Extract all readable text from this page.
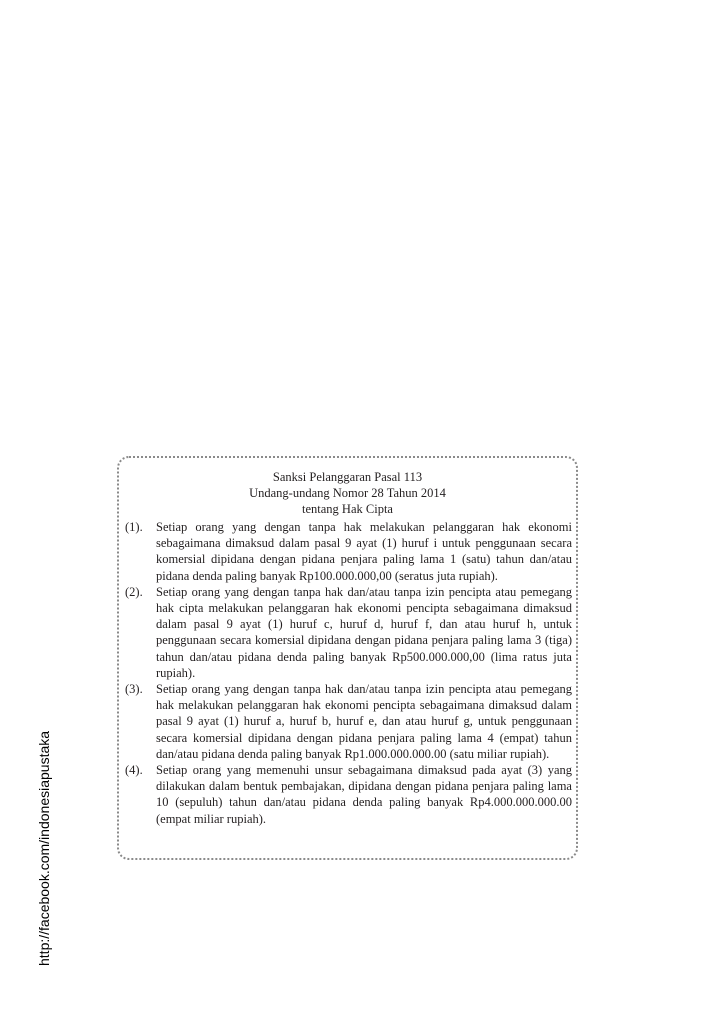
http://facebook.com/indonesiapustaka
Sanksi Pelanggaran Pasal 113
Undang-undang Nomor 28 Tahun 2014
tentang Hak Cipta
(1). Setiap orang yang dengan tanpa hak melakukan pelanggaran hak ekonomi sebagaimana dimaksud dalam pasal 9 ayat (1) huruf i untuk penggunaan secara komersial dipidana dengan pidana penjara paling lama 1 (satu) tahun dan/atau pidana denda paling banyak Rp100.000.000,00 (seratus juta rupiah).
(2). Setiap orang yang dengan tanpa hak dan/atau tanpa izin pencipta atau pemegang hak cipta melakukan pelanggaran hak ekonomi pencipta sebagaimana dimaksud dalam pasal 9 ayat (1) huruf c, huruf d, huruf f, dan atau huruf h, untuk penggunaan secara komersial dipidana dengan pidana penjara paling lama 3 (tiga) tahun dan/atau pidana denda paling banyak Rp500.000.000,00 (lima ratus juta rupiah).
(3). Setiap orang yang dengan tanpa hak dan/atau tanpa izin pencipta atau pemegang hak melakukan pelanggaran hak ekonomi pencipta sebagaimana dimaksud dalam pasal 9 ayat (1) huruf a, huruf b, huruf e, dan atau huruf g, untuk penggunaan secara komersial dipidana dengan pidana penjara paling lama 4 (empat) tahun dan/atau pidana denda paling banyak Rp1.000.000.000.00 (satu miliar rupiah).
(4). Setiap orang yang memenuhi unsur sebagaimana dimaksud pada ayat (3) yang dilakukan dalam bentuk pembajakan, dipidana dengan pidana penjara paling lama 10 (sepuluh) tahun dan/atau pidana denda paling banyak Rp4.000.000.000.00 (empat miliar rupiah).
